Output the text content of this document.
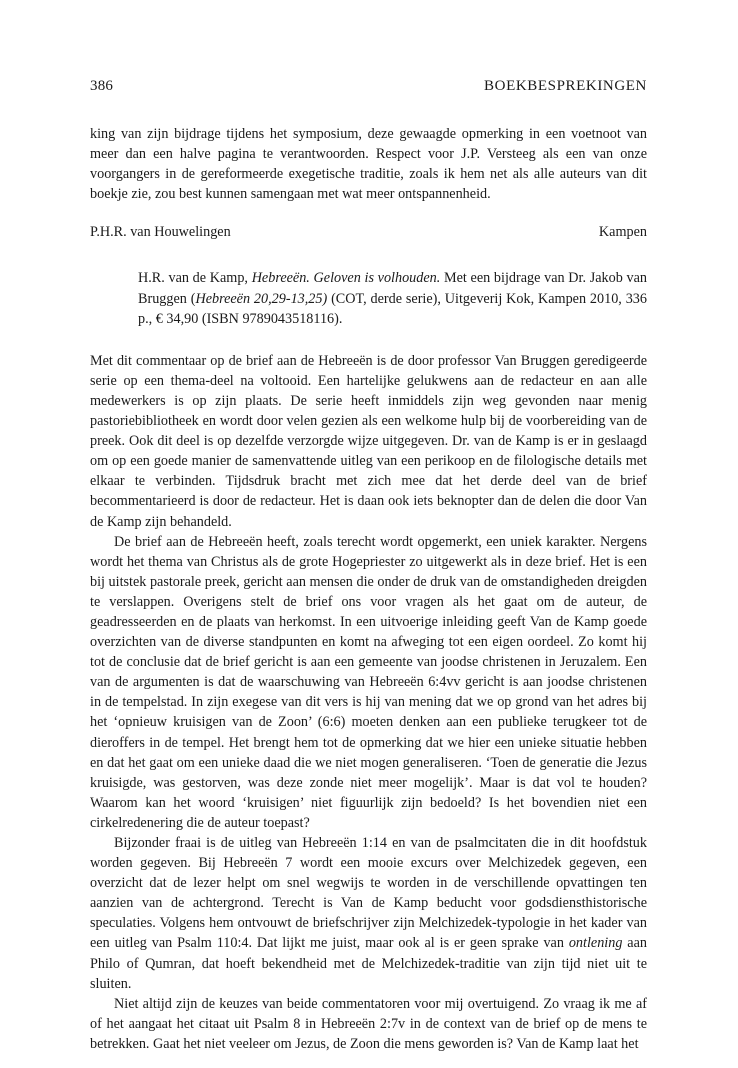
386	BOEKBESPREKINGEN

king van zijn bijdrage tijdens het symposium, deze gewaagde opmerking in een voetnoot van meer dan een halve pagina te verantwoorden. Respect voor J.P. Versteeg als een van onze voorgangers in de gereformeerde exegetische traditie, zoals ik hem net als alle auteurs van dit boekje zie, zou best kunnen samengaan met wat meer ontspannenheid.

P.H.R. van Houwelingen	Kampen
H.R. van de Kamp, Hebreeën. Geloven is volhouden. Met een bijdrage van Dr. Jakob van Bruggen (Hebreeën 20,29-13,25) (COT, derde serie), Uitgeverij Kok, Kampen 2010, 336 p., € 34,90 (ISBN 9789043518116).

Met dit commentaar op de brief aan de Hebreeën is de door professor Van Bruggen geredigeerde serie op een thema-deel na voltooid. Een hartelijke gelukwens aan de redacteur en aan alle medewerkers is op zijn plaats. De serie heeft inmiddels zijn weg gevonden naar menig pastoriebibliotheek en wordt door velen gezien als een welkome hulp bij de voorbereiding van de preek. Ook dit deel is op dezelfde verzorgde wijze uitgegeven. Dr. van de Kamp is er in geslaagd om op een goede manier de samenvattende uitleg van een perikoop en de filologische details met elkaar te verbinden. Tijdsdruk bracht met zich mee dat het derde deel van de brief becommentarieerd is door de redacteur. Het is daan ook iets beknopter dan de delen die door Van de Kamp zijn behandeld.

De brief aan de Hebreeën heeft, zoals terecht wordt opgemerkt, een uniek karakter. Nergens wordt het thema van Christus als de grote Hogepriester zo uitgewerkt als in deze brief. Het is een bij uitstek pastorale preek, gericht aan mensen die onder de druk van de omstandigheden dreigden te verslappen. Overigens stelt de brief ons voor vragen als het gaat om de auteur, de geadresseerden en de plaats van herkomst. In een uitvoerige inleiding geeft Van de Kamp goede overzichten van de diverse standpunten en komt na afweging tot een eigen oordeel. Zo komt hij tot de conclusie dat de brief gericht is aan een gemeente van joodse christenen in Jeruzalem. Een van de argumenten is dat de waarschuwing van Hebreeën 6:4vv gericht is aan joodse christenen in de tempelstad. In zijn exegese van dit vers is hij van mening dat we op grond van het adres bij het ‘opnieuw kruisigen van de Zoon’ (6:6) moeten denken aan een publieke terugkeer tot de dieroffers in de tempel. Het brengt hem tot de opmerking dat we hier een unieke situatie hebben en dat het gaat om een unieke daad die we niet mogen generaliseren. ‘Toen de generatie die Jezus kruisigde, was gestorven, was deze zonde niet meer mogelijk’. Maar is dat vol te houden? Waarom kan het woord ‘kruisigen’ niet figuurlijk zijn bedoeld? Is het bovendien niet een cirkelredenering die de auteur toepast?

Bijzonder fraai is de uitleg van Hebreeën 1:14 en van de psalmcitaten die in dit hoofdstuk worden gegeven. Bij Hebreeën 7 wordt een mooie excurs over Melchizedek gegeven, een overzicht dat de lezer helpt om snel wegwijs te worden in de verschillende opvattingen ten aanzien van de achtergrond. Terecht is Van de Kamp beducht voor godsdiensthistorische speculaties. Volgens hem ontvouwt de briefschrijver zijn Melchizedek-typologie in het kader van een uitleg van Psalm 110:4. Dat lijkt me juist, maar ook al is er geen sprake van ontlening aan Philo of Qumran, dat hoeft bekendheid met de Melchizedek-traditie van zijn tijd niet uit te sluiten.

Niet altijd zijn de keuzes van beide commentatoren voor mij overtuigend. Zo vraag ik me af of het aangaat het citaat uit Psalm 8 in Hebreeën 2:7v in de context van de brief op de mens te betrekken. Gaat het niet veeleer om Jezus, de Zoon die mens geworden is? Van de Kamp laat het
